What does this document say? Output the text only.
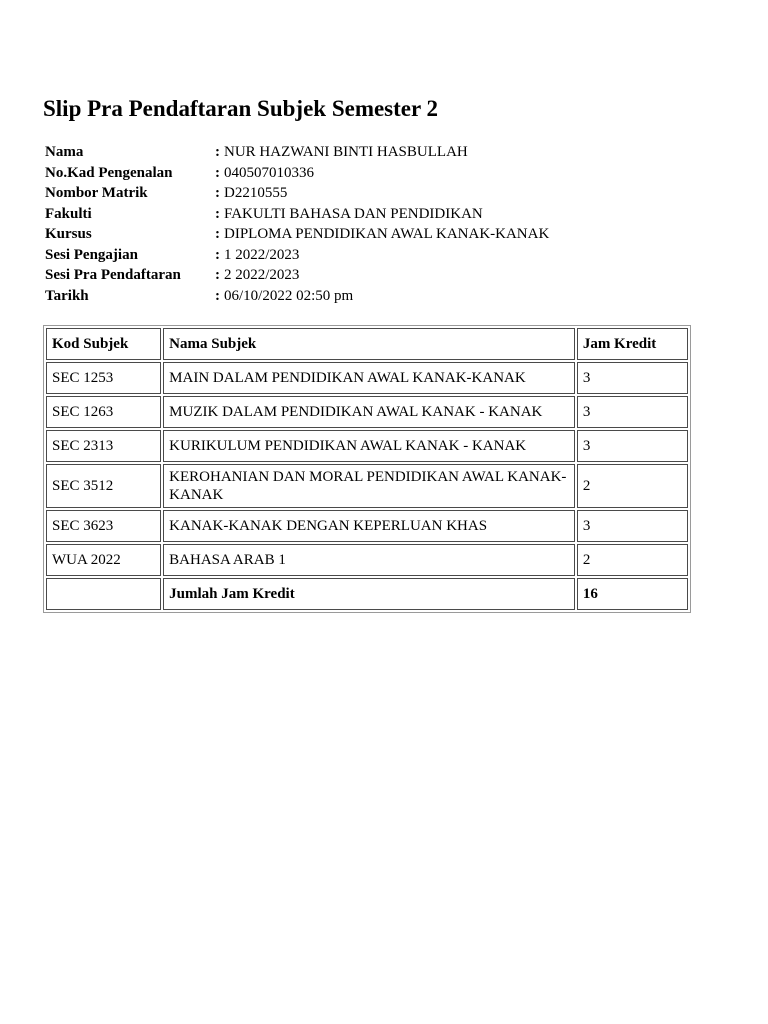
Slip Pra Pendaftaran Subjek Semester 2
Nama	: NUR HAZWANI BINTI HASBULLAH
No.Kad Pengenalan	: 040507010336
Nombor Matrik	: D2210555
Fakulti	: FAKULTI BAHASA DAN PENDIDIKAN
Kursus	: DIPLOMA PENDIDIKAN AWAL KANAK-KANAK
Sesi Pengajian	: 1 2022/2023
Sesi Pra Pendaftaran	: 2 2022/2023
Tarikh	: 06/10/2022 02:50 pm
Kod Subjek	Nama Subjek	Jam Kredit
SEC 1253	MAIN DALAM PENDIDIKAN AWAL KANAK-KANAK	3
SEC 1263	MUZIK DALAM PENDIDIKAN AWAL KANAK - KANAK	3
SEC 2313	KURIKULUM PENDIDIKAN AWAL KANAK - KANAK	3
SEC 3512	KEROHANIAN DAN MORAL PENDIDIKAN AWAL KANAK-KANAK	2
SEC 3623	KANAK-KANAK DENGAN KEPERLUAN KHAS	3
WUA 2022	BAHASA ARAB 1	2
	Jumlah Jam Kredit	16
